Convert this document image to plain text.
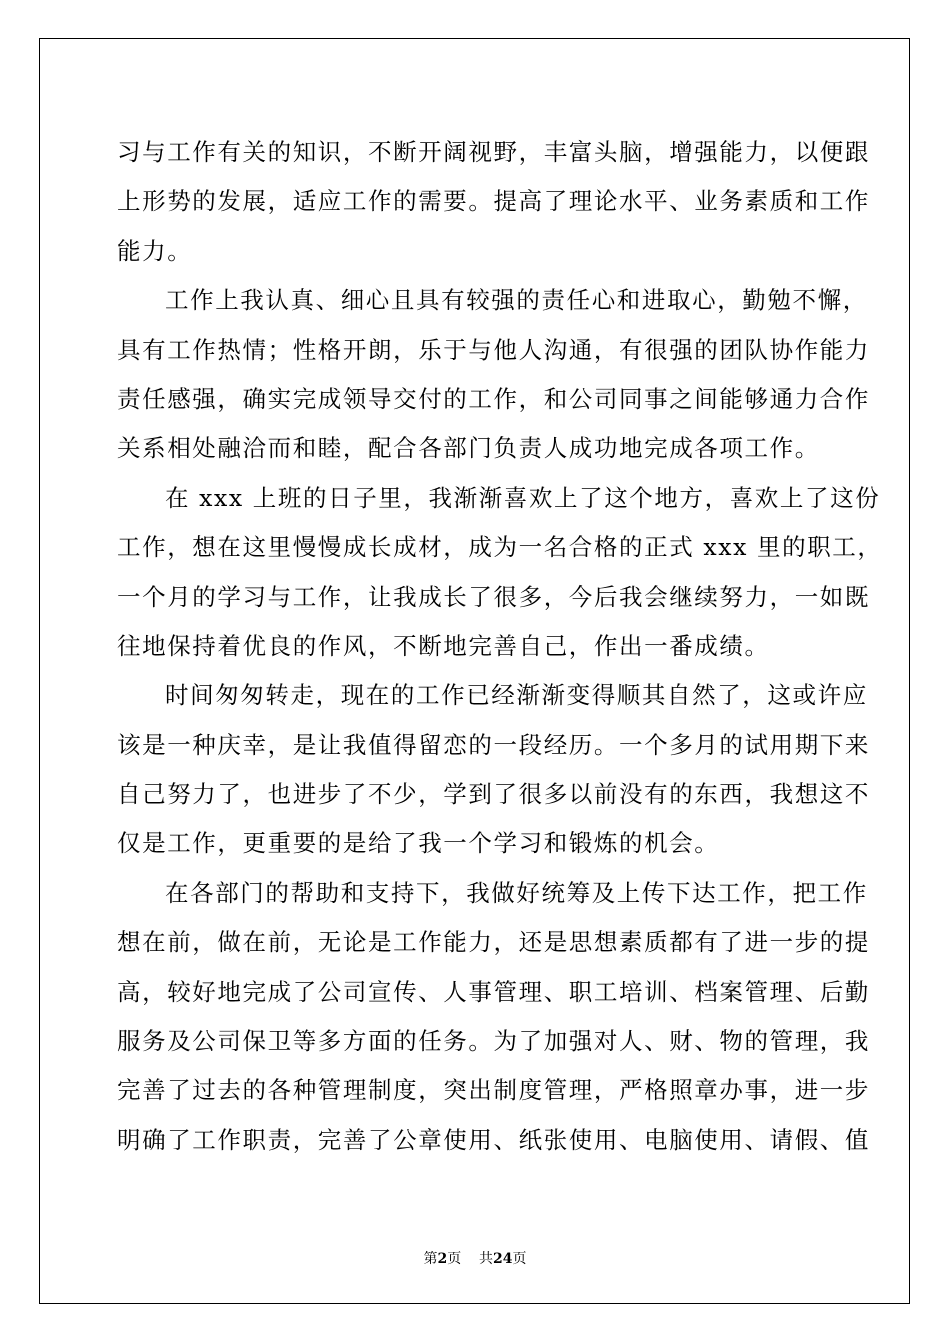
习与工作有关的知识，不断开阔视野，丰富头脑，增强能力，以便跟
上形势的发展，适应工作的需要。提高了理论水平、业务素质和工作
能力。
工作上我认真、细心且具有较强的责任心和进取心，勤勉不懈，
具有工作热情；性格开朗，乐于与他人沟通，有很强的团队协作能力
责任感强，确实完成领导交付的工作，和公司同事之间能够通力合作
关系相处融洽而和睦，配合各部门负责人成功地完成各项工作。
在 xxx 上班的日子里，我渐渐喜欢上了这个地方，喜欢上了这份
工作，想在这里慢慢成长成材，成为一名合格的正式 xxx 里的职工，
一个月的学习与工作，让我成长了很多，今后我会继续努力，一如既
往地保持着优良的作风，不断地完善自己，作出一番成绩。
时间匆匆转走，现在的工作已经渐渐变得顺其自然了，这或许应
该是一种庆幸，是让我值得留恋的一段经历。一个多月的试用期下来
自己努力了，也进步了不少，学到了很多以前没有的东西，我想这不
仅是工作，更重要的是给了我一个学习和锻炼的机会。
在各部门的帮助和支持下，我做好统筹及上传下达工作，把工作
想在前，做在前，无论是工作能力，还是思想素质都有了进一步的提
高，较好地完成了公司宣传、人事管理、职工培训、档案管理、后勤
服务及公司保卫等多方面的任务。为了加强对人、财、物的管理，我
完善了过去的各种管理制度，突出制度管理，严格照章办事，进一步
明确了工作职责，完善了公章使用、纸张使用、电脑使用、请假、值
第2页 共24页
